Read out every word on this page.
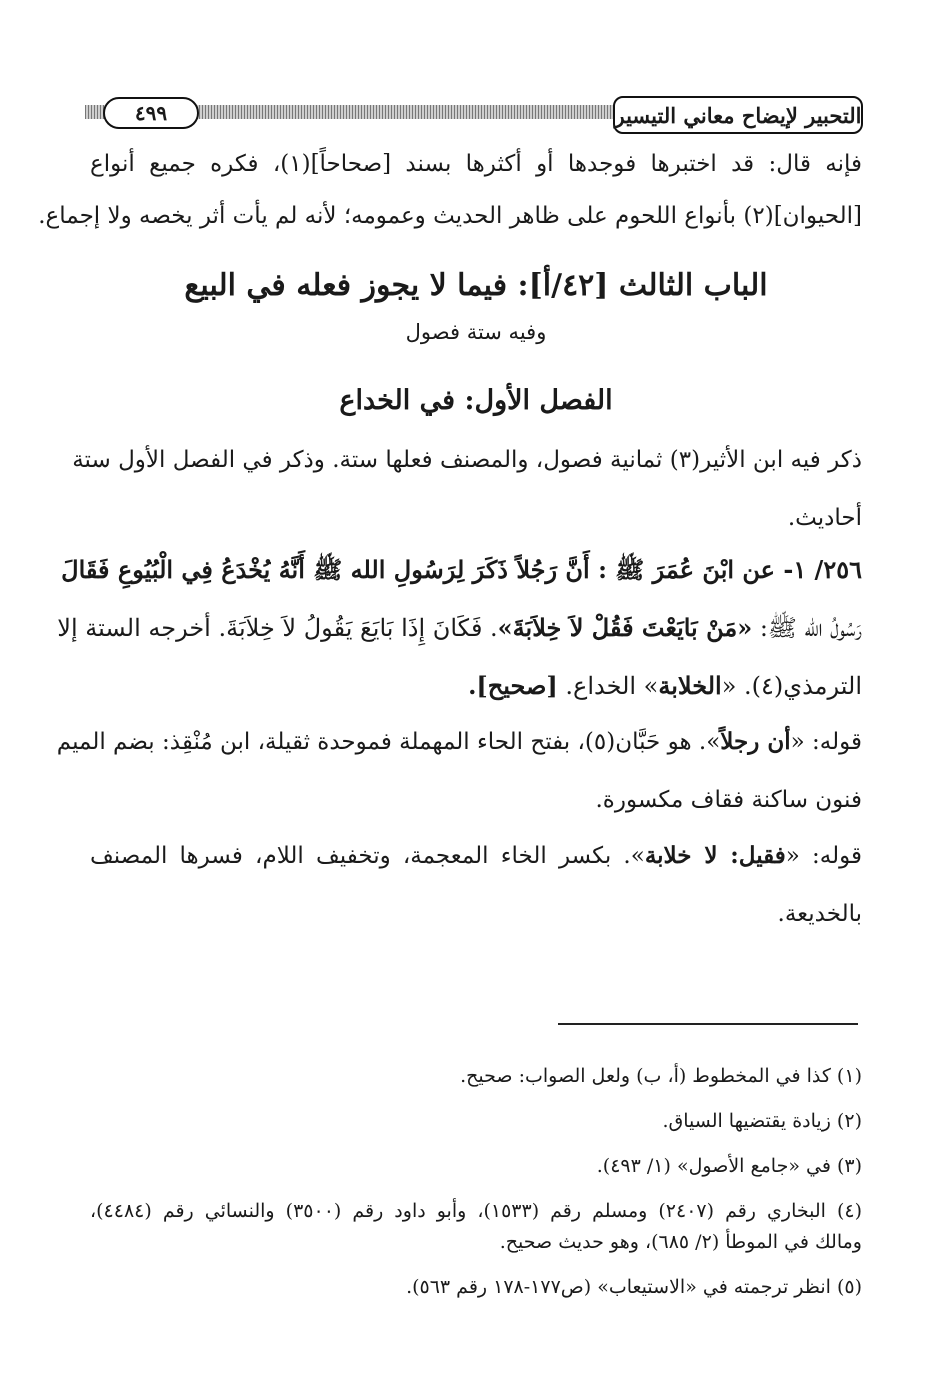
٤٩٩	التحبير لإيضاح معاني التيسير
فإنه قال: قد اختبرها فوجدها أو أكثرها بسند [صحاحاً](١)، فكره جميع أنواع
[الحيوان](٢) بأنواع اللحوم على ظاهر الحديث وعمومه؛ لأنه لم يأت أثر يخصه ولا إجماع.
الباب الثالث [٤٢/أ]: فيما لا يجوز فعله في البيع
وفيه ستة فصول
الفصل الأول: في الخداع
ذكر فيه ابن الأثير(٣) ثمانية فصول، والمصنف فعلها ستة. وذكر في الفصل الأول ستة
أحاديث.
٢٥٦/ ١- عن ابْنَ عُمَرَ ﷺ : أَنَّ رَجُلاً ذَكَرَ لِرَسُولِ الله ﷺ أَنَّهُ يُخْدَعُ فِي الْبُيُوعِ فَقَالَ
رَسُولُ الله ﷺ: «مَنْ بَايَعْتَ فَقُلْ لاَ خِلاَبَةَ». فَكَانَ إِذَا بَايَعَ يَقُولُ لاَ خِلاَبَةَ. أخرجه الستة إلا
الترمذي(٤). «الخلابة» الخداع. [صحيح].
قوله: «أن رجلاً». هو حَبَّان(٥)، بفتح الحاء المهملة فموحدة ثقيلة، ابن مُنْقِذ: بضم الميم
فنون ساكنة فقاف مكسورة.
قوله: «فقيل: لا خلابة». بكسر الخاء المعجمة، وتخفيف اللام، فسرها المصنف
بالخديعة.
(١) كذا في المخطوط (أ، ب) ولعل الصواب: صحيح.
(٢) زيادة يقتضيها السياق.
(٣) في «جامع الأصول» (١/ ٤٩٣).
(٤) البخاري رقم (٢٤٠٧) ومسلم رقم (١٥٣٣)، وأبو داود رقم (٣٥٠٠) والنسائي رقم (٤٤٨٤)،
ومالك في الموطأ (٢/ ٦٨٥)، وهو حديث صحيح.
(٥) انظر ترجمته في «الاستيعاب» (ص١٧٧-١٧٨ رقم ٥٦٣).
